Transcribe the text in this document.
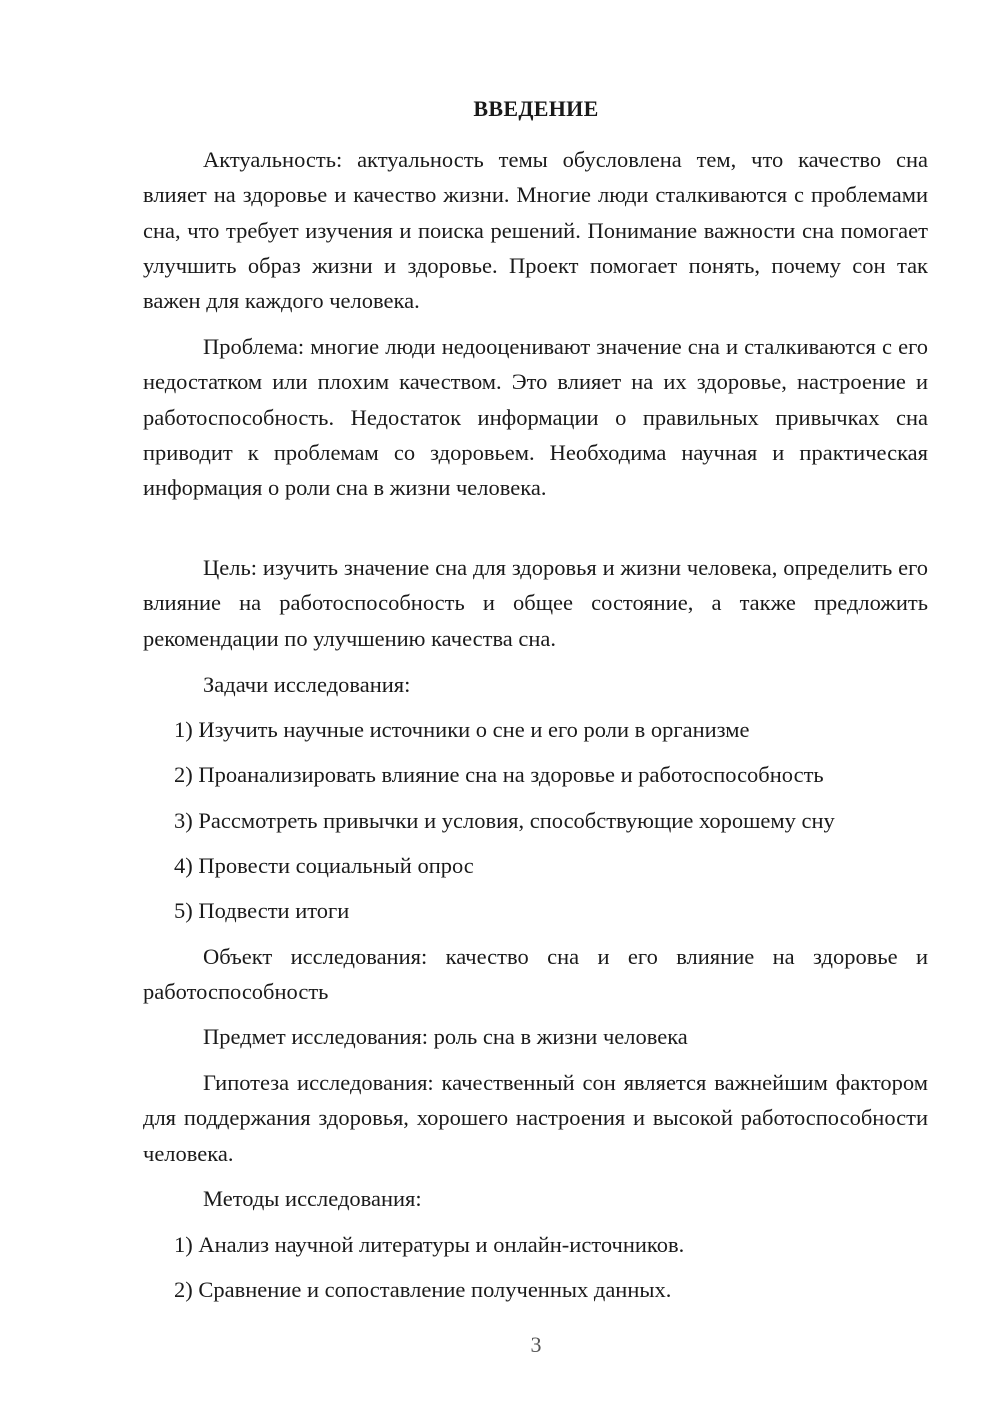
ВВЕДЕНИЕ
Актуальность: актуальность темы обусловлена тем, что качество сна влияет на здоровье и качество жизни. Многие люди сталкиваются с проблемами сна, что требует изучения и поиска решений. Понимание важности сна помогает улучшить образ жизни и здоровье. Проект помогает понять, почему сон так важен для каждого человека.
Проблема: многие люди недооценивают значение сна и сталкиваются с его недостатком или плохим качеством. Это влияет на их здоровье, настроение и работоспособность. Недостаток информации о правильных привычках сна приводит к проблемам со здоровьем. Необходима научная и практическая информация о роли сна в жизни человека.
Цель: изучить значение сна для здоровья и жизни человека, определить его влияние на работоспособность и общее состояние, а также предложить рекомендации по улучшению качества сна.
Задачи исследования:
1) Изучить научные источники о сне и его роли в организме
2) Проанализировать влияние сна на здоровье и работоспособность
3) Рассмотреть привычки и условия, способствующие хорошему сну
4) Провести социальный опрос
5) Подвести итоги
Объект исследования: качество сна и его влияние на здоровье и работоспособность
Предмет исследования: роль сна в жизни человека
Гипотеза исследования: качественный сон является важнейшим фактором для поддержания здоровья, хорошего настроения и высокой работоспособности человека.
Методы исследования:
1) Анализ научной литературы и онлайн-источников.
2) Сравнение и сопоставление полученных данных.
3
